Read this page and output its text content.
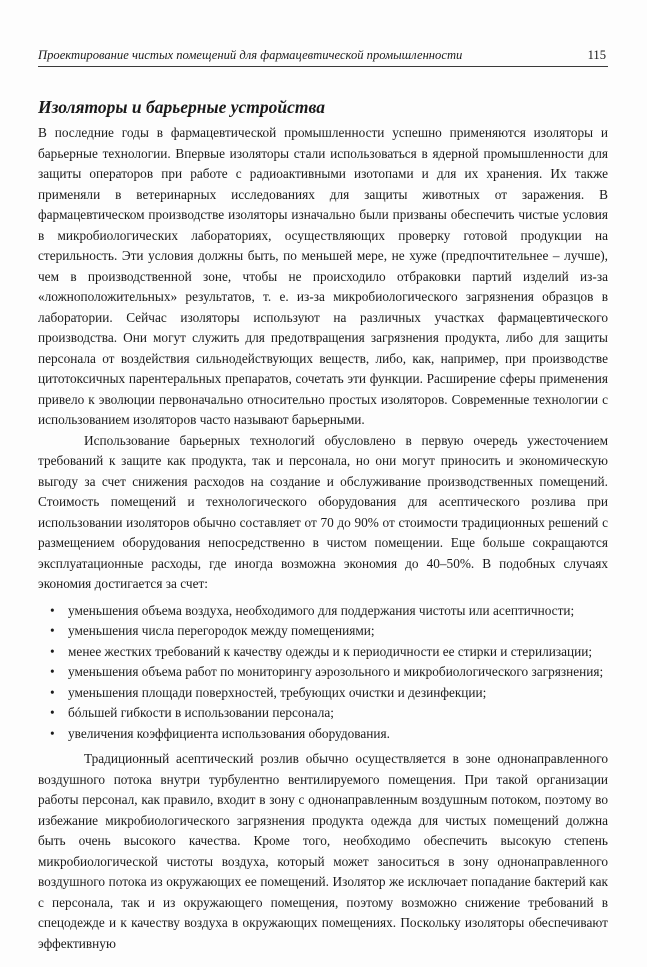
Проектирование чистых помещений для фармацевтической промышленности	115
Изоляторы и барьерные устройства

В последние годы в фармацевтической промышленности успешно применяются изоляторы и барьерные технологии. Впервые изоляторы стали использоваться в ядерной промышленности для защиты операторов при работе с радиоактивными изотопами и для их хранения. Их также применяли в ветеринарных исследованиях для защиты животных от заражения. В фармацевтическом производстве изоляторы изначально были призваны обеспечить чистые условия в микробиологических лабораториях, осуществляющих проверку готовой продукции на стерильность. Эти условия должны быть, по меньшей мере, не хуже (предпочтительнее – лучше), чем в производственной зоне, чтобы не происходило отбраковки партий изделий из-за «ложноположительных» результатов, т. е. из-за микробиологического загрязнения образцов в лаборатории. Сейчас изоляторы используют на различных участках фармацевтического производства. Они могут служить для предотвращения загрязнения продукта, либо для защиты персонала от воздействия сильнодействующих веществ, либо, как, например, при производстве цитотоксичных парентеральных препаратов, сочетать эти функции. Расширение сферы применения привело к эволюции первоначально относительно простых изоляторов. Современные технологии с использованием изоляторов часто называют барьерными.

Использование барьерных технологий обусловлено в первую очередь ужесточением требований к защите как продукта, так и персонала, но они могут приносить и экономическую выгоду за счет снижения расходов на создание и обслуживание производственных помещений. Стоимость помещений и технологического оборудования для асептического розлива при использовании изоляторов обычно составляет от 70 до 90% от стоимости традиционных решений с размещением оборудования непосредственно в чистом помещении. Еще больше сокращаются эксплуатационные расходы, где иногда возможна экономия до 40–50%. В подобных случаях экономия достигается за счет:

• уменьшения объема воздуха, необходимого для поддержания чистоты или асептичности;
• уменьшения числа перегородок между помещениями;
• менее жестких требований к качеству одежды и к периодичности ее стирки и стерилизации;
• уменьшения объема работ по мониторингу аэрозольного и микробиологического загрязнения;
• уменьшения площади поверхностей, требующих очистки и дезинфекции;
• бóльшей гибкости в использовании персонала;
• увеличения коэффициента использования оборудования.

Традиционный асептический розлив обычно осуществляется в зоне однонаправленного воздушного потока внутри турбулентно вентилируемого помещения. При такой организации работы персонал, как правило, входит в зону с однонаправленным воздушным потоком, поэтому во избежание микробиологического загрязнения продукта одежда для чистых помещений должна быть очень высокого качества. Кроме того, необходимо обеспечить высокую степень микробиологической чистоты воздуха, который может заноситься в зону однонаправленного воздушного потока из окружающих ее помещений. Изолятор же исключает попадание бактерий как с персонала, так и из окружающего помещения, поэтому возможно снижение требований в спецодежде и к качеству воздуха в окружающих помещениях. Поскольку изоляторы обеспечивают эффективную
